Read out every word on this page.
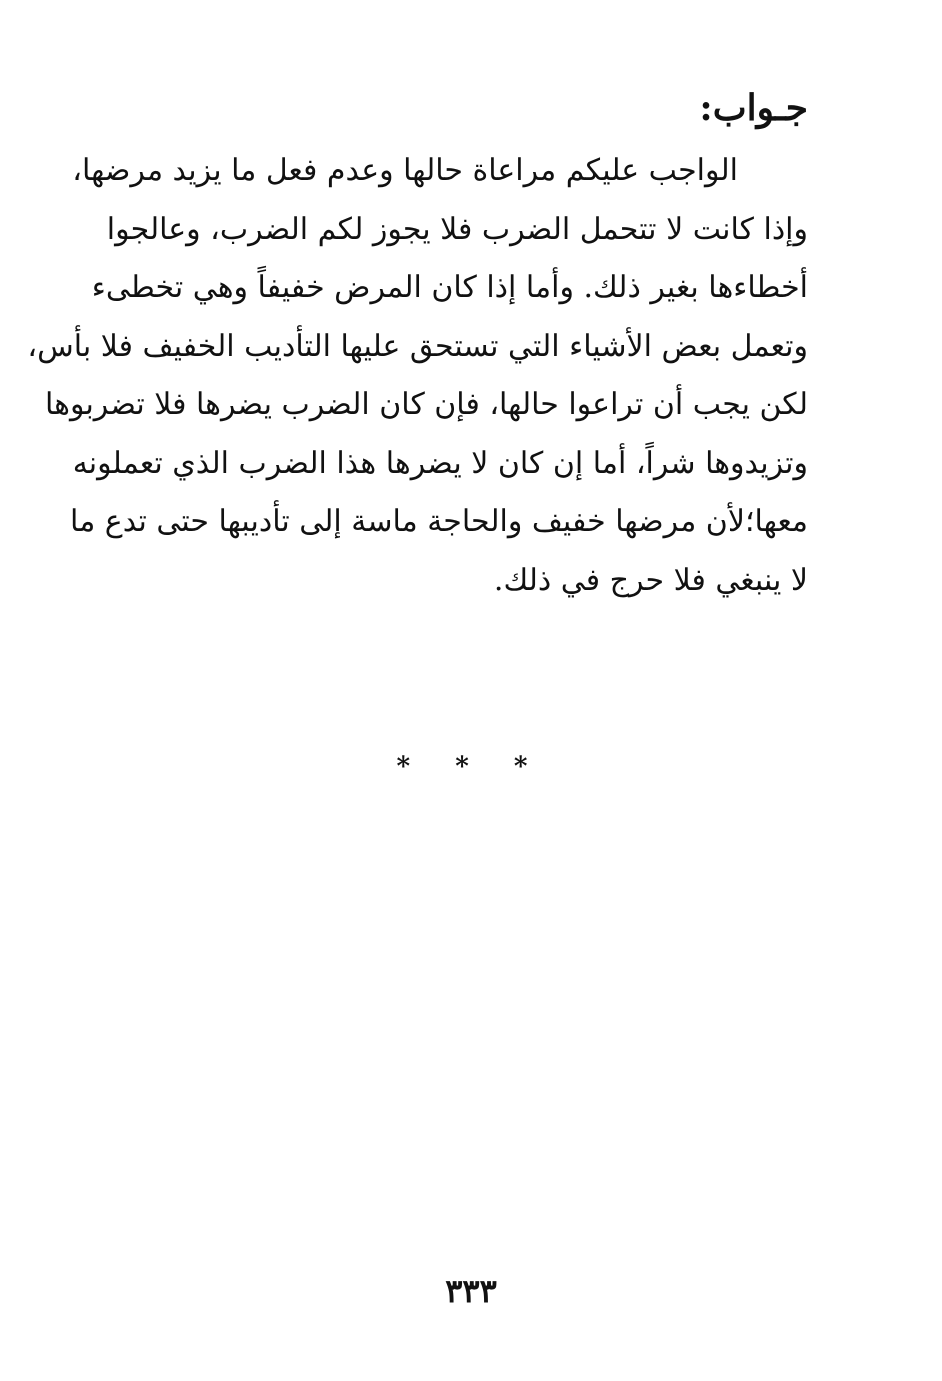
جـواب:
الواجب عليكم مراعاة حالها وعدم فعل ما يزيد مرضها،
وإذا كانت لا تتحمل الضرب فلا يجوز لكم الضرب، وعالجوا
أخطاءها بغير ذلك. وأما إذا كان المرض خفيفاً وهي تخطىء
وتعمل بعض الأشياء التي تستحق عليها التأديب الخفيف فلا بأس،
لكن يجب أن تراعوا حالها، فإن كان الضرب يضرها فلا تضربوها
وتزيدوها شراً، أما إن كان لا يضرها هذا الضرب الذي تعملونه
معها؛لأن مرضها خفيف والحاجة ماسة إلى تأديبها حتى تدع ما
لا ينبغي فلا حرج في ذلك.
* * *
٣٣٣
